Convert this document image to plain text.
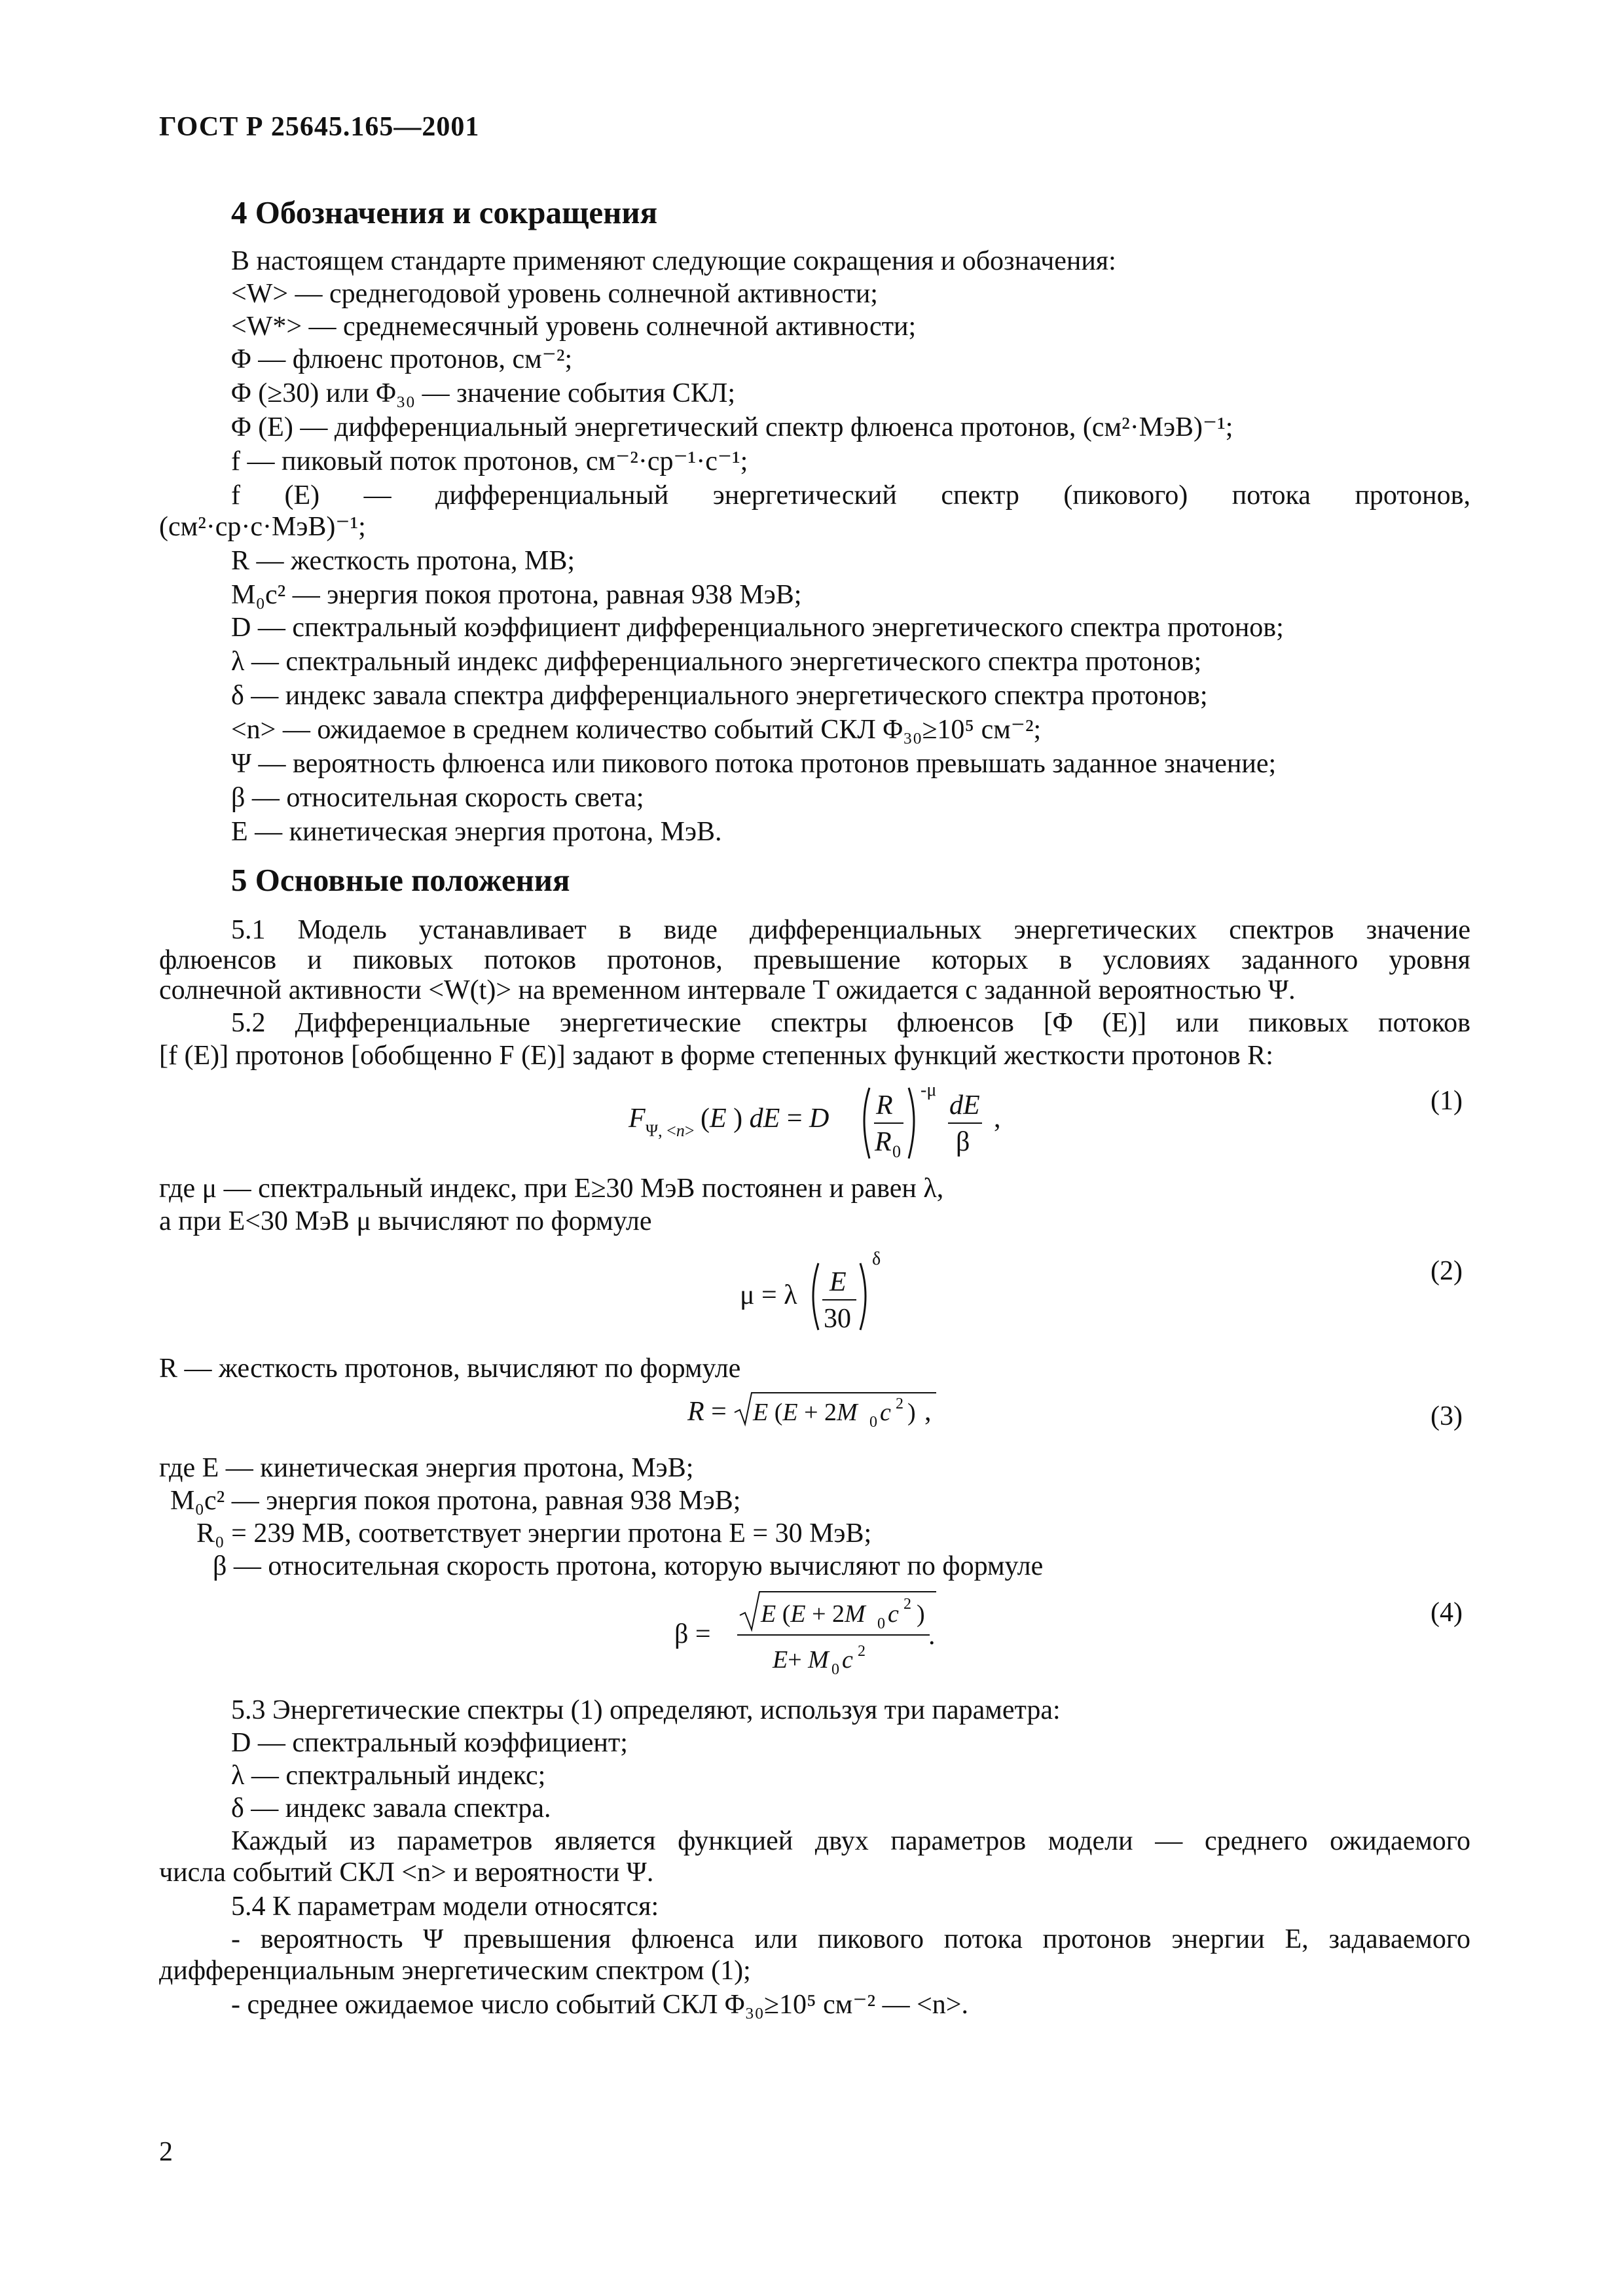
ГОСТ Р 25645.165—2001
4 Обозначения и сокращения
В настоящем стандарте применяют следующие сокращения и обозначения:
<W> — среднегодовой уровень солнечной активности;
<W*> — среднемесячный уровень солнечной активности;
Φ — флюенс протонов, см⁻²;
Φ (≥30) или Φ₃₀ — значение события СКЛ;
Φ (E) — дифференциальный энергетический спектр флюенса протонов, (см²·МэВ)⁻¹;
f — пиковый поток протонов, см⁻²·ср⁻¹·с⁻¹;
f (E) — дифференциальный энергетический спектр (пикового) потока протонов,
(см²·ср·с·МэВ)⁻¹;
R — жесткость протона, МВ;
M₀c² — энергия покоя протона, равная 938 МэВ;
D — спектральный коэффициент дифференциального энергетического спектра протонов;
λ — спектральный индекс дифференциального энергетического спектра протонов;
δ — индекс завала спектра дифференциального энергетического спектра протонов;
<n> — ожидаемое в среднем количество событий СКЛ Φ₃₀≥10⁵ см⁻²;
Ψ — вероятность флюенса или пикового потока протонов превышать заданное значение;
β — относительная скорость света;
E — кинетическая энергия протона, МэВ.
5 Основные положения
5.1 Модель устанавливает в виде дифференциальных энергетических спектров значение
флюенсов и пиковых потоков протонов, превышение которых в условиях заданного уровня
солнечной активности <W(t)> на временном интервале T ожидается с заданной вероятностью Ψ.
5.2 Дифференциальные энергетические спектры флюенсов [Φ (E)] или пиковых потоков
[f (E)] протонов [обобщенно F (E)] задают в форме степенных функций жесткости протонов R:
F Ψ, <n> (E ) dE = D R
R 0
-μ
dE
β
,
(1)
где μ — спектральный индекс, при E≥30 МэВ постоянен и равен λ,
а при E<30 МэВ μ вычисляют по формуле
μ = λ E
30
δ	(2)
R — жесткость протонов, вычисляют по формуле
R = E (E + 2M 0 c 2 ) ,	(3)
где E — кинетическая энергия протона, МэВ;
M₀c² — энергия покоя протона, равная 938 МэВ;
R₀ = 239 МВ, соответствует энергии протона E = 30 МэВ;
β — относительная скорость протона, которую вычисляют по формуле
β =
E (E + 2M 0 c 2 )
E+ M 0 c 2
.
(4)
5.3 Энергетические спектры (1) определяют, используя три параметра:
D — спектральный коэффициент;
λ — спектральный индекс;
δ — индекс завала спектра.
Каждый из параметров является функцией двух параметров модели — среднего ожидаемого
числа событий СКЛ <n> и вероятности Ψ.
5.4 К параметрам модели относятся:
- вероятность Ψ превышения флюенса или пикового потока протонов энергии E, задаваемого
дифференциальным энергетическим спектром (1);
- среднее ожидаемое число событий СКЛ Φ₃₀≥10⁵ см⁻² — <n>.
2
